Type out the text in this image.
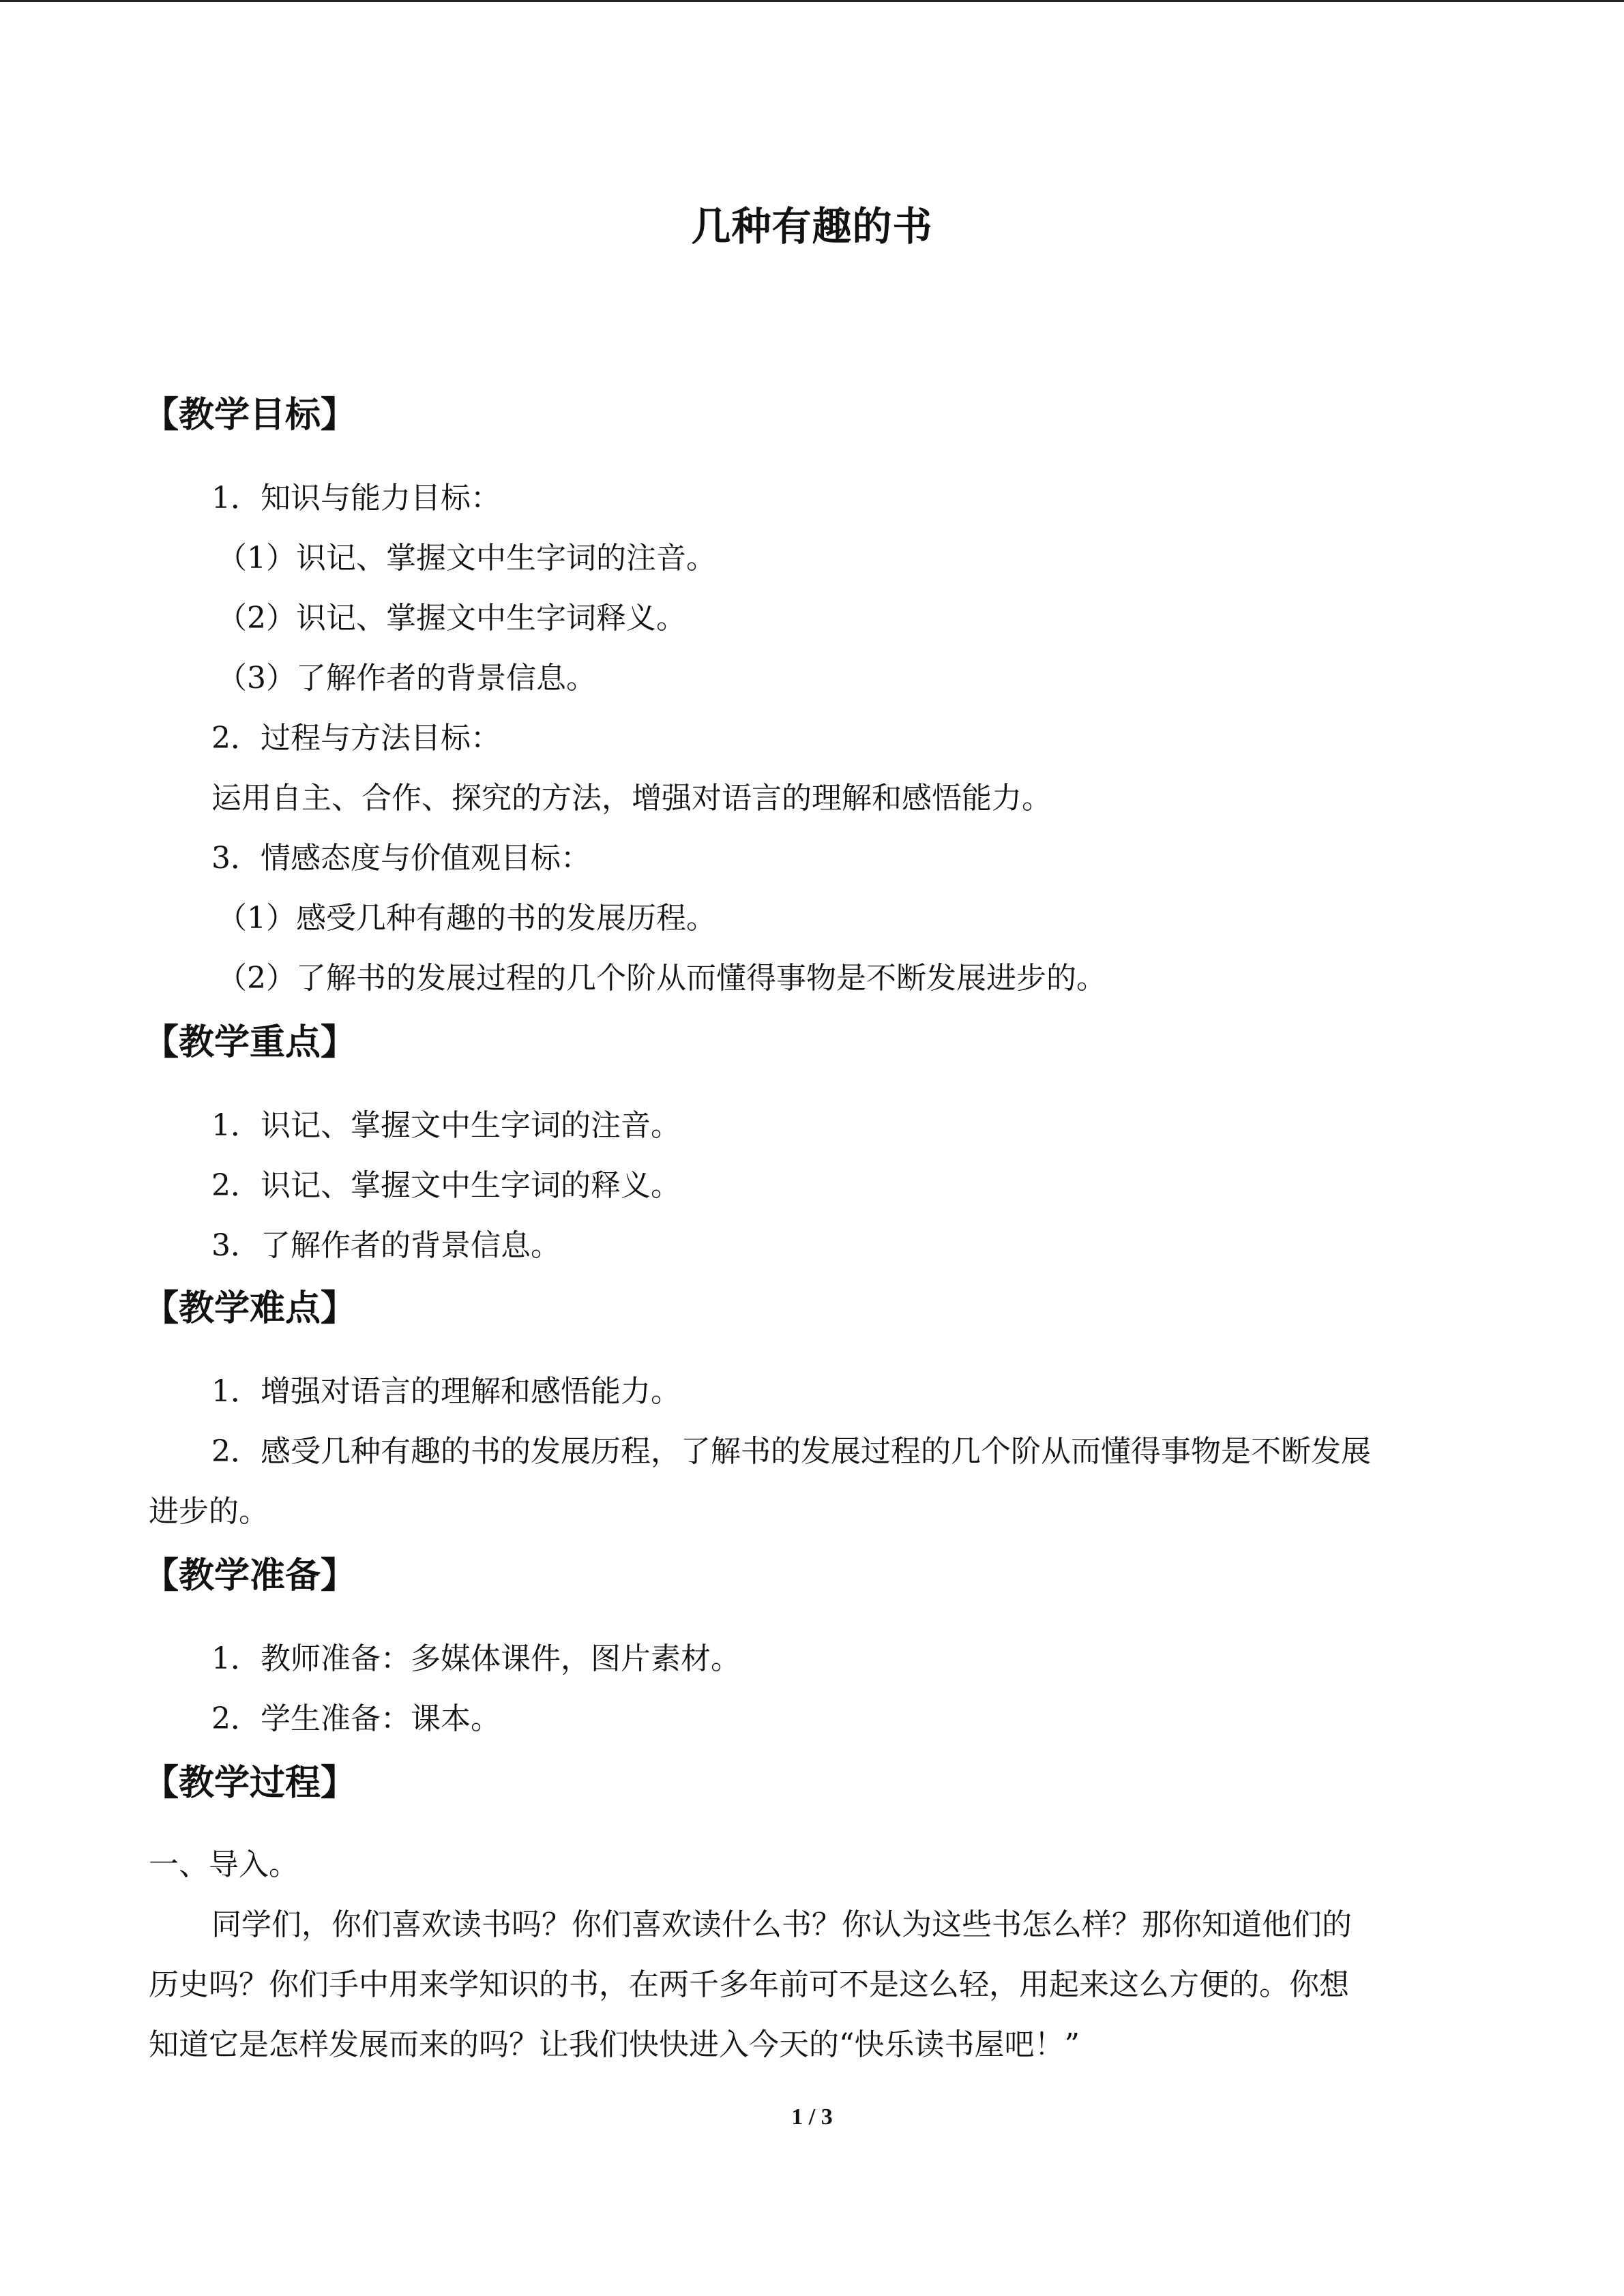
几种有趣的书
【教学目标】
1．知识与能力目标：
（1）识记、掌握文中生字词的注音。
（2）识记、掌握文中生字词释义。
（3）了解作者的背景信息。
2．过程与方法目标：
运用自主、合作、探究的方法，增强对语言的理解和感悟能力。
3．情感态度与价值观目标：
（1）感受几种有趣的书的发展历程。
（2）了解书的发展过程的几个阶从而懂得事物是不断发展进步的。
【教学重点】
1．识记、掌握文中生字词的注音。
2．识记、掌握文中生字词的释义。
3．了解作者的背景信息。
【教学难点】
1．增强对语言的理解和感悟能力。
2．感受几种有趣的书的发展历程，了解书的发展过程的几个阶从而懂得事物是不断发展
进步的。
【教学准备】
1．教师准备：多媒体课件，图片素材。
2．学生准备：课本。
【教学过程】
一、导入。
同学们，你们喜欢读书吗？你们喜欢读什么书？你认为这些书怎么样？那你知道他们的
历史吗？你们手中用来学知识的书，在两千多年前可不是这么轻，用起来这么方便的。你想
知道它是怎样发展而来的吗？让我们快快进入今天的“快乐读书屋吧！”
1 / 3
